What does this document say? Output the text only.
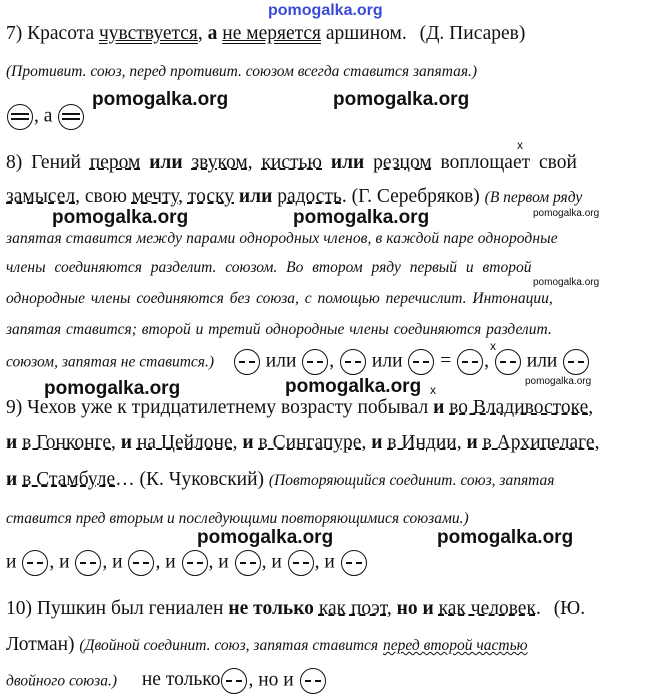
pomogalka.org
7) Красота чувствуется, а не меряется аршином. (Д. Писарев)
(Противит. союз, перед противит. союзом всегда ставится запятая.)
, а
pomogalka.org	pomogalka.org
x
8) Гений пером или звуком, кистью или резцом воплощает свой
замысел, свою мечту, тоску или радость. (Г. Серебряков) (В первом ряду
pomogalka.org
pomogalka.org	pomogalka.org
запятая ставится между парами однородных членов, в каждой паре однородные
члены соединяются разделит. союзом. Во втором ряду первый и второй
pomogalka.org
однородные члены соединяются без союза, с помощью перечислит. Интонации,
запятая ставится; второй и третий однородные члены соединяются разделит.
x
союзом, запятая не ставится.)	или ,  или = ,  или
pomogalka.org
pomogalka.org	pomogalka.org x
9) Чехов уже к тридцатилетнему возрасту побывал и во Владивостоке,
и в Гонконге, и на Цейлоне, и в Сингапуре, и в Индии, и в Архипелаге,
и в Стамбуле… (К. Чуковский) (Повторяющийся соединит. союз, запятая
ставится пред вторым и последующими повторяющимися союзами.)
pomogalka.org	pomogalka.org
и , и , и , и , и , и , и
10) Пушкин был гениален не только как поэт, но и как человек. (Ю.
Лотман) (Двойной соединит. союз, запятая ставится перед второй частью
двойного союза.) не только , но и
